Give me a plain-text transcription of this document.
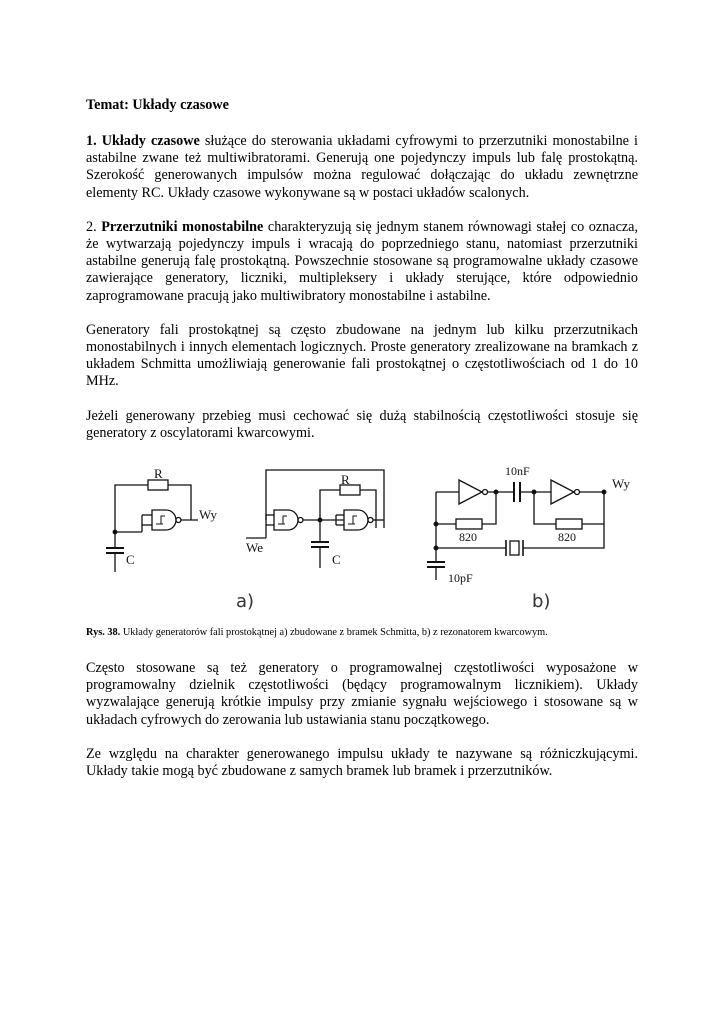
Temat: Układy czasowe

1. Układy czasowe służące do sterowania układami cyfrowymi to przerzutniki monostabilne i astabilne zwane też multiwibratorami. Generują one pojedynczy impuls lub falę prostokątną. Szerokość generowanych impulsów można regulować dołączając do układu zewnętrzne elementy RC. Układy czasowe wykonywane są w postaci układów scalonych.

2. Przerzutniki monostabilne charakteryzują się jednym stanem równowagi stałej co oznacza, że wytwarzają pojedynczy impuls i wracają do poprzedniego stanu, natomiast przerzutniki astabilne generują falę prostokątną. Powszechnie stosowane są programowalne układy czasowe zawierające generatory, liczniki, multipleksery i układy sterujące, które odpowiednio zaprogramowane pracują jako multiwibratory monostabilne i astabilne.

Generatory fali prostokątnej są często zbudowane na jednym lub kilku przerzutnikach monostabilnych i innych elementach logicznych. Proste generatory zrealizowane na bramkach z układem Schmitta umożliwiają generowanie fali prostokątnej o częstotliwościach od 1 do 10 MHz.

Jeżeli generowany przebieg musi cechować się dużą stabilnością częstotliwości stosuje się generatory z oscylatorami kwarcowymi.

R
Wy
C
R
We
C
10nF
Wy
820	820
10pF
a)	b)
Rys. 38. Układy generatorów fali prostokątnej a) zbudowane z bramek Schmitta, b) z rezonatorem kwarcowym.

Często stosowane są też generatory o programowalnej częstotliwości wyposażone w programowalny dzielnik częstotliwości (będący programowalnym licznikiem). Układy wyzwalające generują krótkie impulsy przy zmianie sygnału wejściowego i stosowane są w układach cyfrowych do zerowania lub ustawiania stanu początkowego.

Ze względu na charakter generowanego impulsu układy te nazywane są różniczkującymi. Układy takie mogą być zbudowane z samych bramek lub bramek i przerzutników.
